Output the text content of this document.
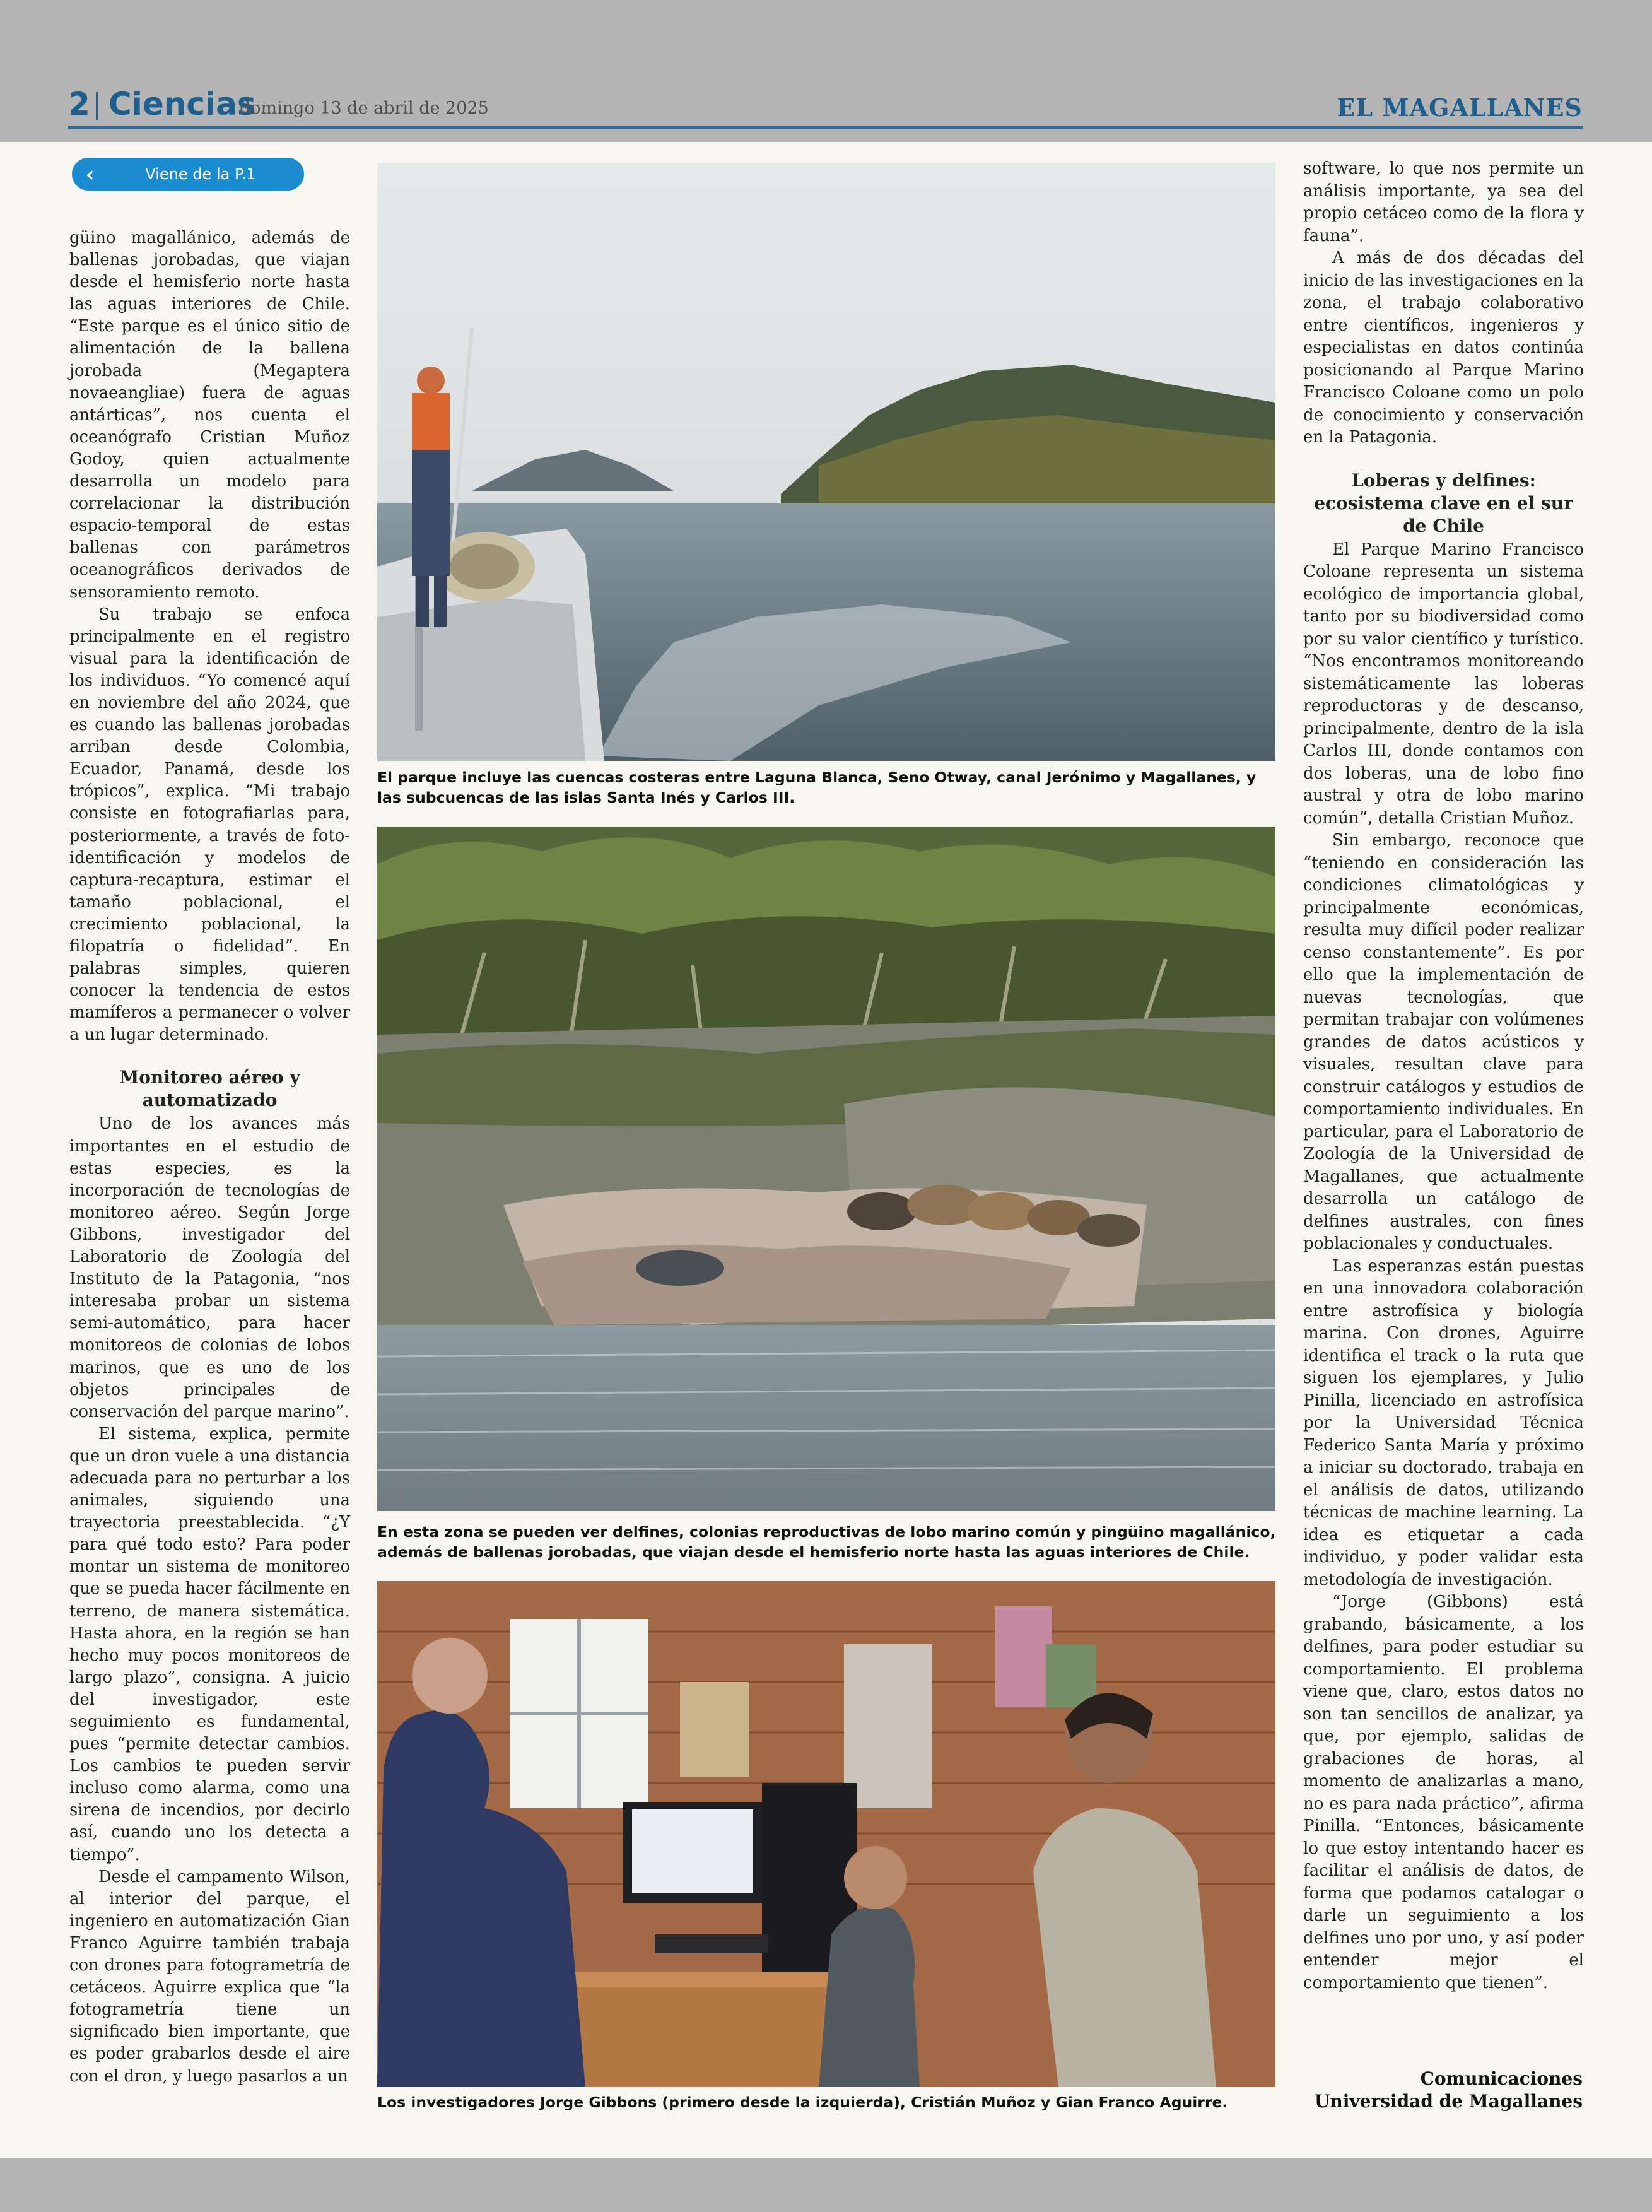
2 Ciencias
domingo 13 de abril de 2025	EL MAGALLANES
‹	Viene de la P.1

güino magallánico, además de ballenas jorobadas, que viajan desde el hemisferio norte hasta las aguas interiores de Chile. “Este parque es el único sitio de alimentación de la ballena jorobada (Megaptera novaeangliae) fuera de aguas antárticas”, nos cuenta el oceanógrafo Cristian Muñoz Godoy, quien actualmente desarrolla un modelo para correlacionar la distribución espacio-temporal de estas ballenas con parámetros oceanográficos derivados de sensoramiento remoto.

Su trabajo se enfoca principalmente en el registro visual para la identificación de los individuos. “Yo comencé aquí en noviembre del año 2024, que es cuando las ballenas jorobadas arriban desde Colombia, Ecuador, Panamá, desde los trópicos”, explica. “Mi trabajo consiste en fotografiarlas para, posteriormente, a través de foto-identificación y modelos de captura-recaptura, estimar el tamaño poblacional, el crecimiento poblacional, la filopatría o fidelidad”. En palabras simples, quieren conocer la tendencia de estos mamíferos a permanecer o volver a un lugar determinado.

Monitoreo aéreo y automatizado

Uno de los avances más importantes en el estudio de estas especies, es la incorporación de tecnologías de monitoreo aéreo. Según Jorge Gibbons, investigador del Laboratorio de Zoología del Instituto de la Patagonia, “nos interesaba probar un sistema semi-automático, para hacer monitoreos de colonias de lobos marinos, que es uno de los objetos principales de conservación del parque marino”.

El sistema, explica, permite que un dron vuele a una distancia adecuada para no perturbar a los animales, siguiendo una trayectoria preestablecida. “¿Y para qué todo esto? Para poder montar un sistema de monitoreo que se pueda hacer fácilmente en terreno, de manera sistemática. Hasta ahora, en la región se han hecho muy pocos monitoreos de largo plazo”, consigna. A juicio del investigador, este seguimiento es fundamental, pues “permite detectar cambios. Los cambios te pueden servir incluso como alarma, como una sirena de incendios, por decirlo así, cuando uno los detecta a tiempo”.

Desde el campamento Wilson, al interior del parque, el ingeniero en automatización Gian Franco Aguirre también trabaja con drones para fotogrametría de cetáceos. Aguirre explica que “la fotogrametría tiene un significado bien importante, que es poder grabarlos desde el aire con el dron, y luego pasarlos a un

El parque incluye las cuencas costeras entre Laguna Blanca, Seno Otway, canal Jerónimo y Magallanes, y las subcuencas de las islas Santa Inés y Carlos III.
En esta zona se pueden ver delfines, colonias reproductivas de lobo marino común y pingüino magallánico, además de ballenas jorobadas, que viajan desde el hemisferio norte hasta las aguas interiores de Chile.
Los investigadores Jorge Gibbons (primero desde la izquierda), Cristián Muñoz y Gian Franco Aguirre.

software, lo que nos permite un análisis importante, ya sea del propio cetáceo como de la flora y fauna”.

A más de dos décadas del inicio de las investigaciones en la zona, el trabajo colaborativo entre científicos, ingenieros y especialistas en datos continúa posicionando al Parque Marino Francisco Coloane como un polo de conocimiento y conservación en la Patagonia.

Loberas y delfines: ecosistema clave en el sur de Chile

El Parque Marino Francisco Coloane representa un sistema ecológico de importancia global, tanto por su biodiversidad como por su valor científico y turístico. “Nos encontramos monitoreando sistemáticamente las loberas reproductoras y de descanso, principalmente, dentro de la isla Carlos III, donde contamos con dos loberas, una de lobo fino austral y otra de lobo marino común”, detalla Cristian Muñoz.

Sin embargo, reconoce que “teniendo en consideración las condiciones climatológicas y principalmente económicas, resulta muy difícil poder realizar censo constantemente”. Es por ello que la implementación de nuevas tecnologías, que permitan trabajar con volúmenes grandes de datos acústicos y visuales, resultan clave para construir catálogos y estudios de comportamiento individuales. En particular, para el Laboratorio de Zoología de la Universidad de Magallanes, que actualmente desarrolla un catálogo de delfines australes, con fines poblacionales y conductuales.

Las esperanzas están puestas en una innovadora colaboración entre astrofísica y biología marina. Con drones, Aguirre identifica el track o la ruta que siguen los ejemplares, y Julio Pinilla, licenciado en astrofísica por la Universidad Técnica Federico Santa María y próximo a iniciar su doctorado, trabaja en el análisis de datos, utilizando técnicas de machine learning. La idea es etiquetar a cada individuo, y poder validar esta metodología de investigación.

“Jorge (Gibbons) está grabando, básicamente, a los delfines, para poder estudiar su comportamiento. El problema viene que, claro, estos datos no son tan sencillos de analizar, ya que, por ejemplo, salidas de grabaciones de horas, al momento de analizarlas a mano, no es para nada práctico”, afirma Pinilla. “Entonces, básicamente lo que estoy intentando hacer es facilitar el análisis de datos, de forma que podamos catalogar o darle un seguimiento a los delfines uno por uno, y así poder entender mejor el comportamiento que tienen”.

Comunicaciones
Universidad de Magallanes
